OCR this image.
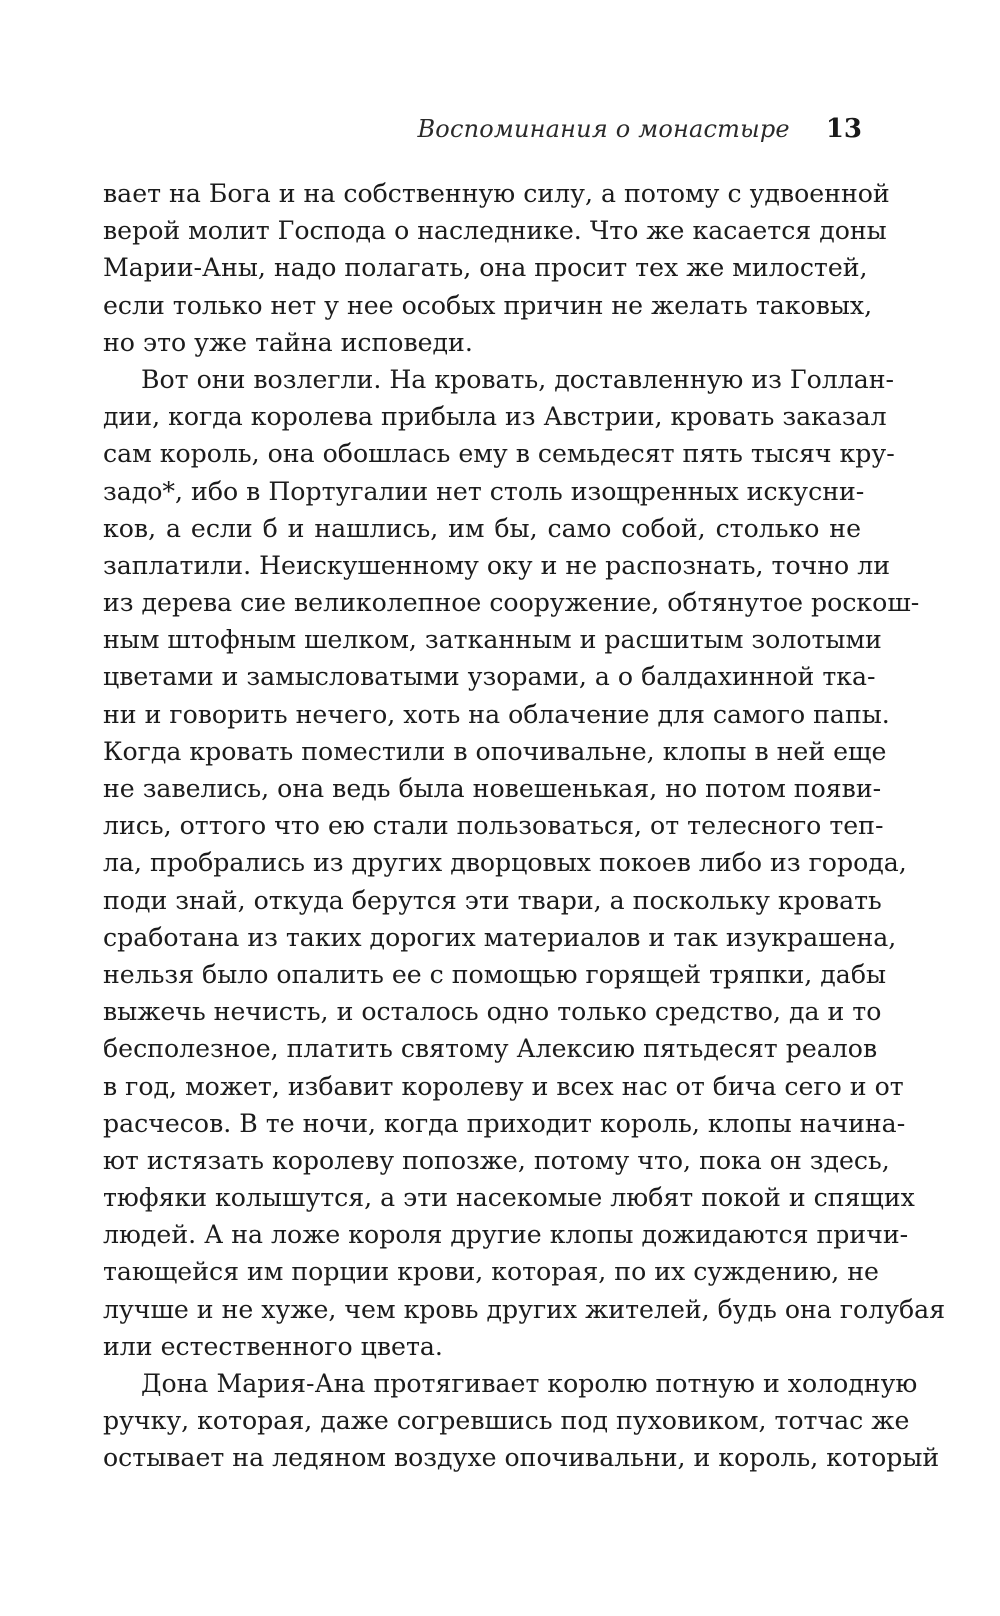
Воспоминания о монастыре 13
вает на Бога и на собственную силу, а потому с удвоенной
верой молит Господа о наследнике. Что же касается доны
Марии-Аны, надо полагать, она просит тех же милостей,
если только нет у нее особых причин не желать таковых,
но это уже тайна исповеди.
Вот они возлегли. На кровать, доставленную из Голлан-
дии, когда королева прибыла из Австрии, кровать заказал
сам король, она обошлась ему в семьдесят пять тысяч кру-
задо*, ибо в Португалии нет столь изощренных искусни-
ков, а если б и нашлись, им бы, само собой, столько не
заплатили. Неискушенному оку и не распознать, точно ли
из дерева сие великолепное сооружение, обтянутое роскош-
ным штофным шелком, затканным и расшитым золотыми
цветами и замысловатыми узорами, а о балдахинной тка-
ни и говорить нечего, хоть на облачение для самого папы.
Когда кровать поместили в опочивальне, клопы в ней еще
не завелись, она ведь была новешенькая, но потом появи-
лись, оттого что ею стали пользоваться, от телесного теп-
ла, пробрались из других дворцовых покоев либо из города,
поди знай, откуда берутся эти твари, а поскольку кровать
сработана из таких дорогих материалов и так изукрашена,
нельзя было опалить ее с помощью горящей тряпки, дабы
выжечь нечисть, и осталось одно только средство, да и то
бесполезное, платить святому Алексию пятьдесят реалов
в год, может, избавит королеву и всех нас от бича сего и от
расчесов. В те ночи, когда приходит король, клопы начина-
ют истязать королеву попозже, потому что, пока он здесь,
тюфяки колышутся, а эти насекомые любят покой и спящих
людей. А на ложе короля другие клопы дожидаются причи-
тающейся им порции крови, которая, по их суждению, не
лучше и не хуже, чем кровь других жителей, будь она голубая
или естественного цвета.
Дона Мария-Ана протягивает королю потную и холодную
ручку, которая, даже согревшись под пуховиком, тотчас же
остывает на ледяном воздухе опочивальни, и король, который
